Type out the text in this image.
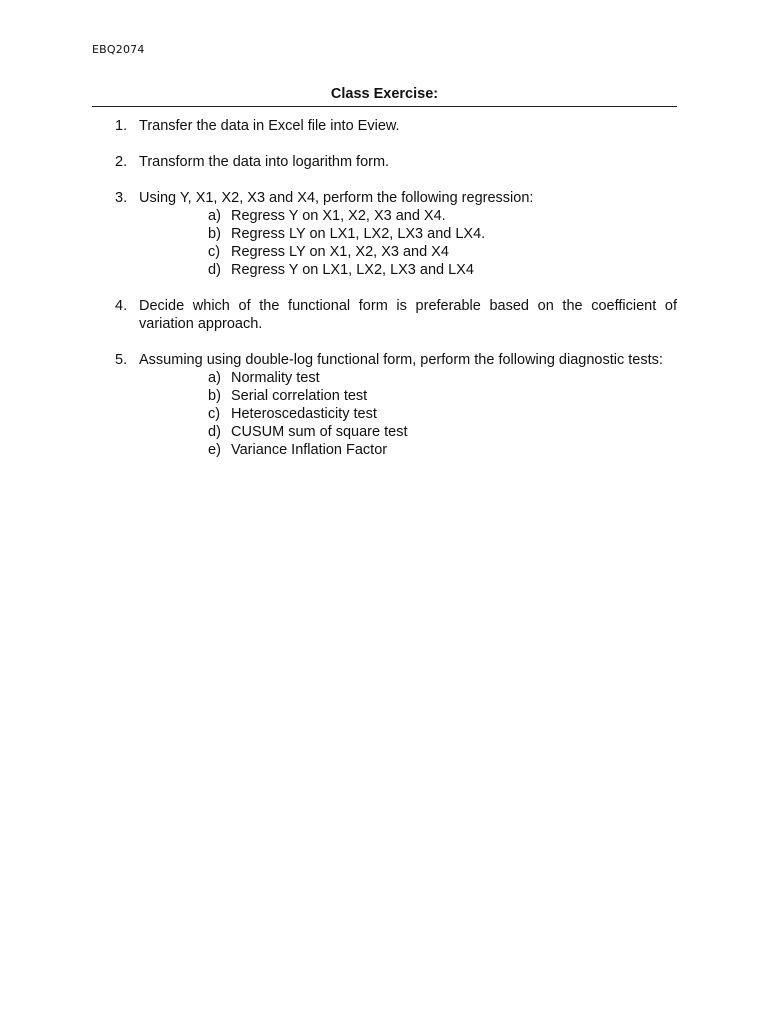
EBQ2074
Class Exercise:
1. Transfer the data in Excel file into Eview.
2. Transform the data into logarithm form.
3. Using Y, X1, X2, X3 and X4, perform the following regression:
a) Regress Y on X1, X2, X3 and X4.
b) Regress LY on LX1, LX2, LX3 and LX4.
c) Regress LY on X1, X2, X3 and X4
d) Regress Y on LX1, LX2, LX3 and LX4
4. Decide which of the functional form is preferable based on the coefficient of variation approach.
5. Assuming using double-log functional form, perform the following diagnostic tests:
a) Normality test
b) Serial correlation test
c) Heteroscedasticity test
d) CUSUM sum of square test
e) Variance Inflation Factor
